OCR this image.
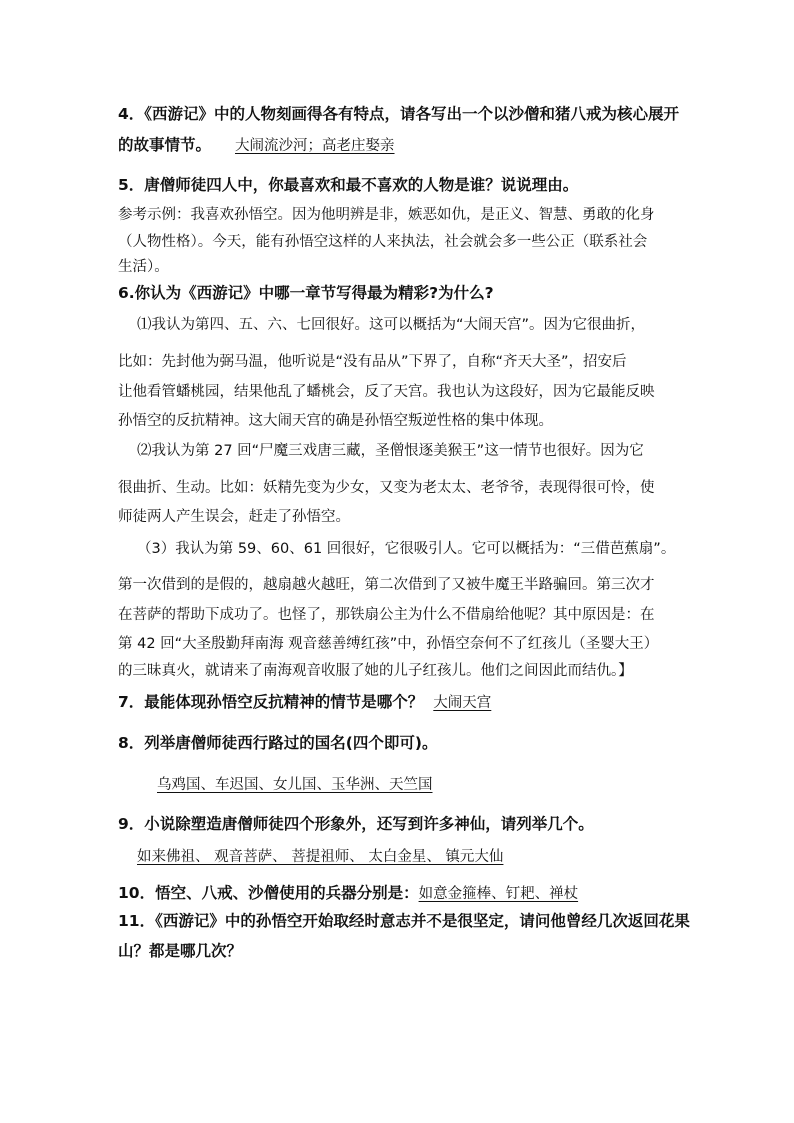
4．《西游记》中的人物刻画得各有特点，请各写出一个以沙僧和猪八戒为核心展开
的故事情节。 大闹流沙河；高老庄娶亲
5．唐僧师徒四人中，你最喜欢和最不喜欢的人物是谁？说说理由。
参考示例：我喜欢孙悟空。因为他明辨是非，嫉恶如仇，是正义、智慧、勇敢的化身
（人物性格）。今天，能有孙悟空这样的人来执法，社会就会多一些公正（联系社会
生活）。
6.你认为《西游记》中哪一章节写得最为精彩?为什么?
⑴我认为第四、五、六、七回很好。这可以概括为“大闹天宫”。因为它很曲折，
比如：先封他为弼马温，他听说是“没有品从”下界了，自称“齐天大圣”，招安后
让他看管蟠桃园，结果他乱了蟠桃会，反了天宫。我也认为这段好，因为它最能反映
孙悟空的反抗精神。这大闹天宫的确是孙悟空叛逆性格的集中体现。
⑵我认为第 27 回“尸魔三戏唐三藏，圣僧恨逐美猴王”这一情节也很好。因为它
很曲折、生动。比如：妖精先变为少女，又变为老太太、老爷爷，表现得很可怜，使
师徒两人产生误会，赶走了孙悟空。
（3）我认为第 59、60、61 回很好，它很吸引人。它可以概括为：“三借芭蕉扇”。
第一次借到的是假的，越扇越火越旺，第二次借到了又被牛魔王半路骗回。第三次才
在菩萨的帮助下成功了。也怪了，那铁扇公主为什么不借扇给他呢？其中原因是：在
第 42 回“大圣殷勤拜南海 观音慈善缚红孩”中，孙悟空奈何不了红孩儿（圣婴大王）
的三昧真火，就请来了南海观音收服了她的儿子红孩儿。他们之间因此而结仇。】
7．最能体现孙悟空反抗精神的情节是哪个？ 大闹天宫
8．列举唐僧师徒西行路过的国名(四个即可)。
乌鸡国、车迟国、女儿国、玉华洲、天竺国
9．小说除塑造唐僧师徒四个形象外，还写到许多神仙，请列举几个。
如来佛祖、 观音菩萨、 菩提祖师、 太白金星、 镇元大仙
10．悟空、八戒、沙僧使用的兵器分别是：如意金箍棒、钉耙、禅杖
11．《西游记》中的孙悟空开始取经时意志并不是很坚定，请问他曾经几次返回花果
山？都是哪几次？
